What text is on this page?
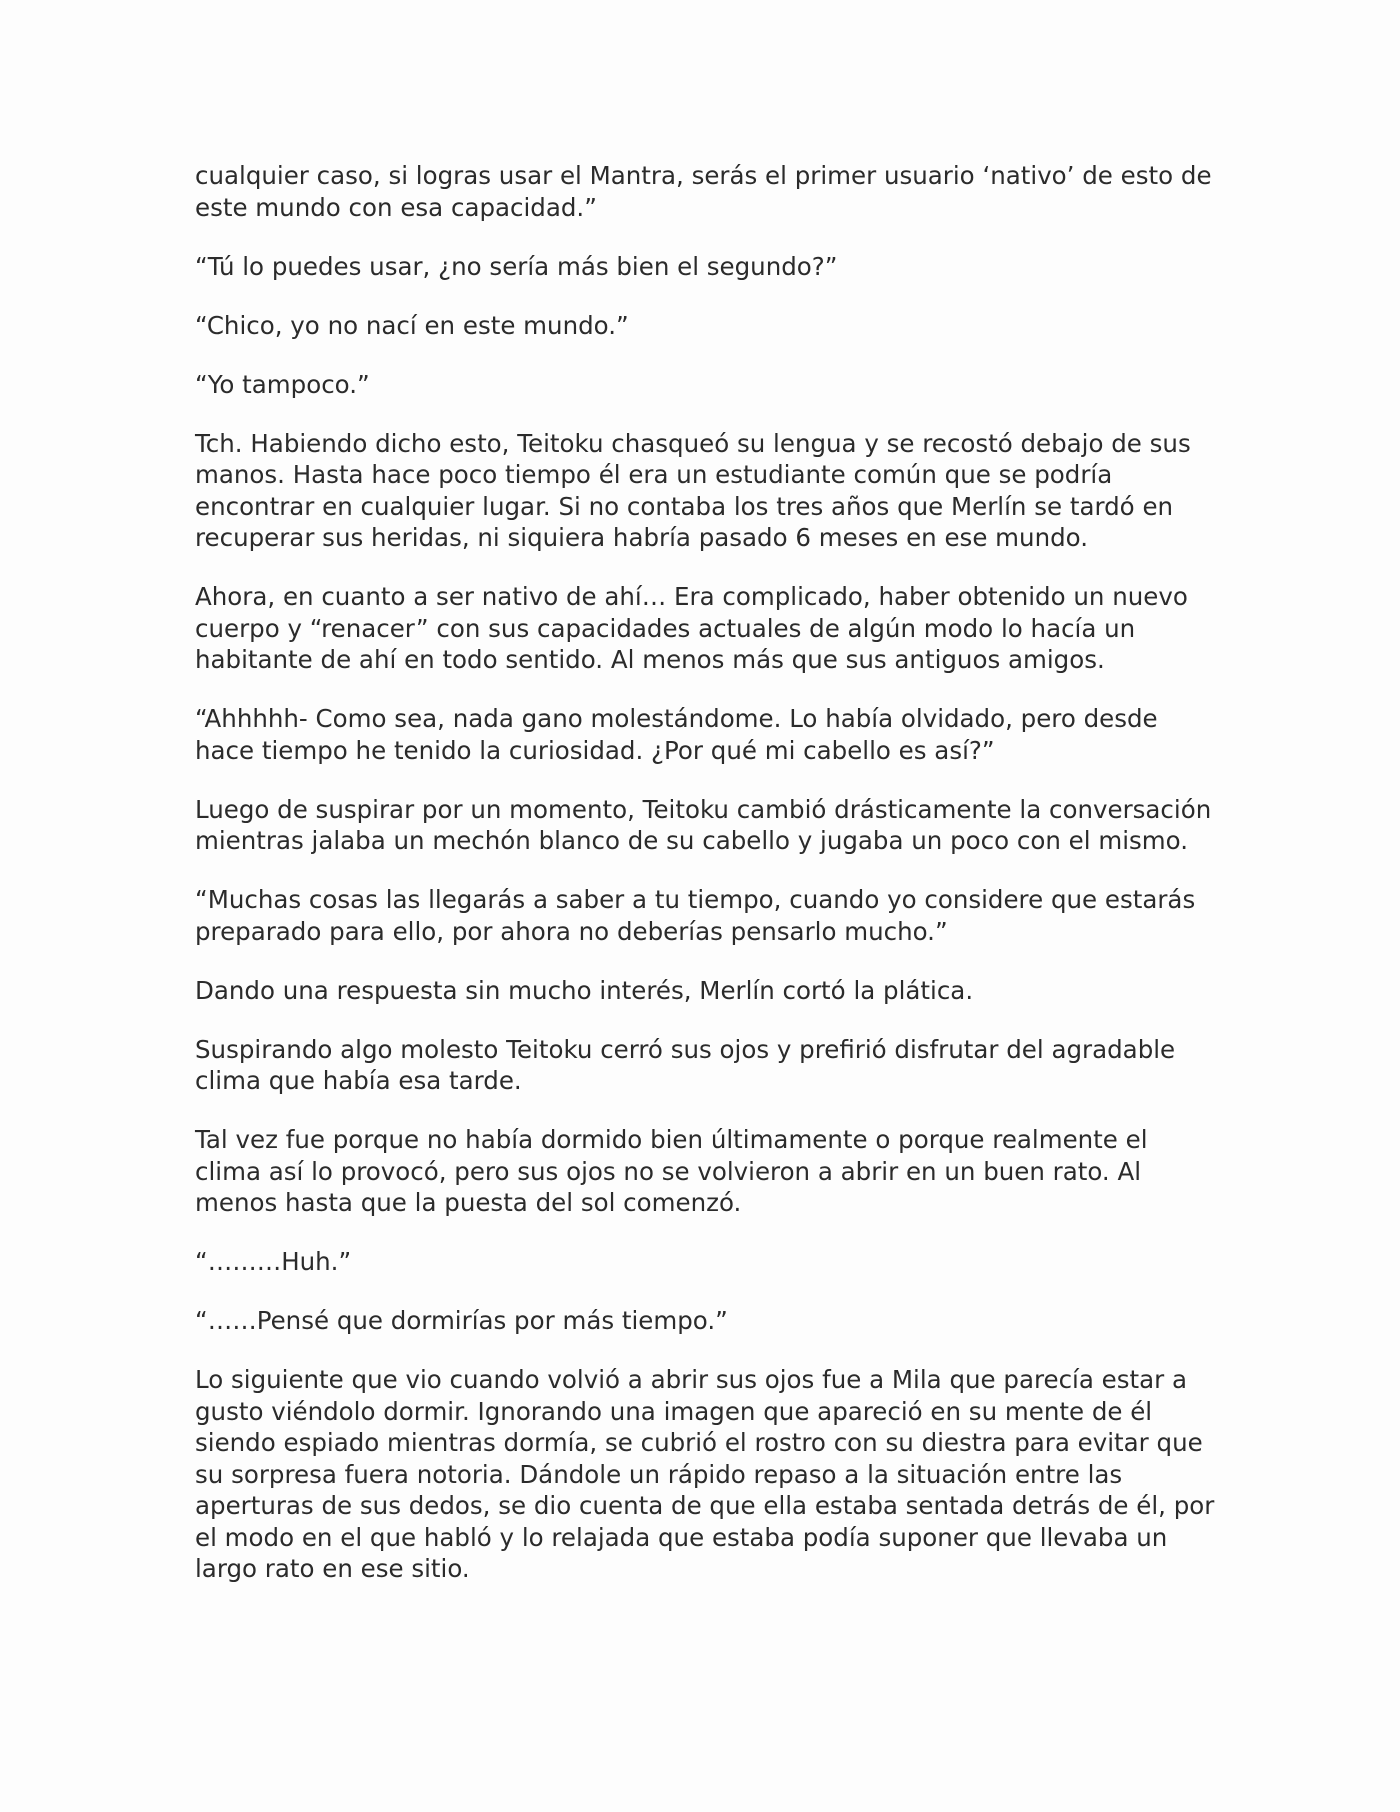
cualquier caso, si logras usar el Mantra, serás el primer usuario ‘nativo’ de esto de este mundo con esa capacidad.”

“Tú lo puedes usar, ¿no sería más bien el segundo?”

“Chico, yo no nací en este mundo.”

“Yo tampoco.”

Tch. Habiendo dicho esto, Teitoku chasqueó su lengua y se recostó debajo de sus manos. Hasta hace poco tiempo él era un estudiante común que se podría encontrar en cualquier lugar. Si no contaba los tres años que Merlín se tardó en recuperar sus heridas, ni siquiera habría pasado 6 meses en ese mundo.

Ahora, en cuanto a ser nativo de ahí… Era complicado, haber obtenido un nuevo cuerpo y “renacer” con sus capacidades actuales de algún modo lo hacía un habitante de ahí en todo sentido. Al menos más que sus antiguos amigos.

“Ahhhhh- Como sea, nada gano molestándome. Lo había olvidado, pero desde hace tiempo he tenido la curiosidad. ¿Por qué mi cabello es así?”

Luego de suspirar por un momento, Teitoku cambió drásticamente la conversación mientras jalaba un mechón blanco de su cabello y jugaba un poco con el mismo.

“Muchas cosas las llegarás a saber a tu tiempo, cuando yo considere que estarás preparado para ello, por ahora no deberías pensarlo mucho.”

Dando una respuesta sin mucho interés, Merlín cortó la plática.

Suspirando algo molesto Teitoku cerró sus ojos y prefirió disfrutar del agradable clima que había esa tarde.

Tal vez fue porque no había dormido bien últimamente o porque realmente el clima así lo provocó, pero sus ojos no se volvieron a abrir en un buen rato. Al menos hasta que la puesta del sol comenzó.

“………Huh.”

“……Pensé que dormirías por más tiempo.”

Lo siguiente que vio cuando volvió a abrir sus ojos fue a Mila que parecía estar a gusto viéndolo dormir. Ignorando una imagen que apareció en su mente de él siendo espiado mientras dormía, se cubrió el rostro con su diestra para evitar que su sorpresa fuera notoria. Dándole un rápido repaso a la situación entre las aperturas de sus dedos, se dio cuenta de que ella estaba sentada detrás de él, por el modo en el que habló y lo relajada que estaba podía suponer que llevaba un largo rato en ese sitio.
